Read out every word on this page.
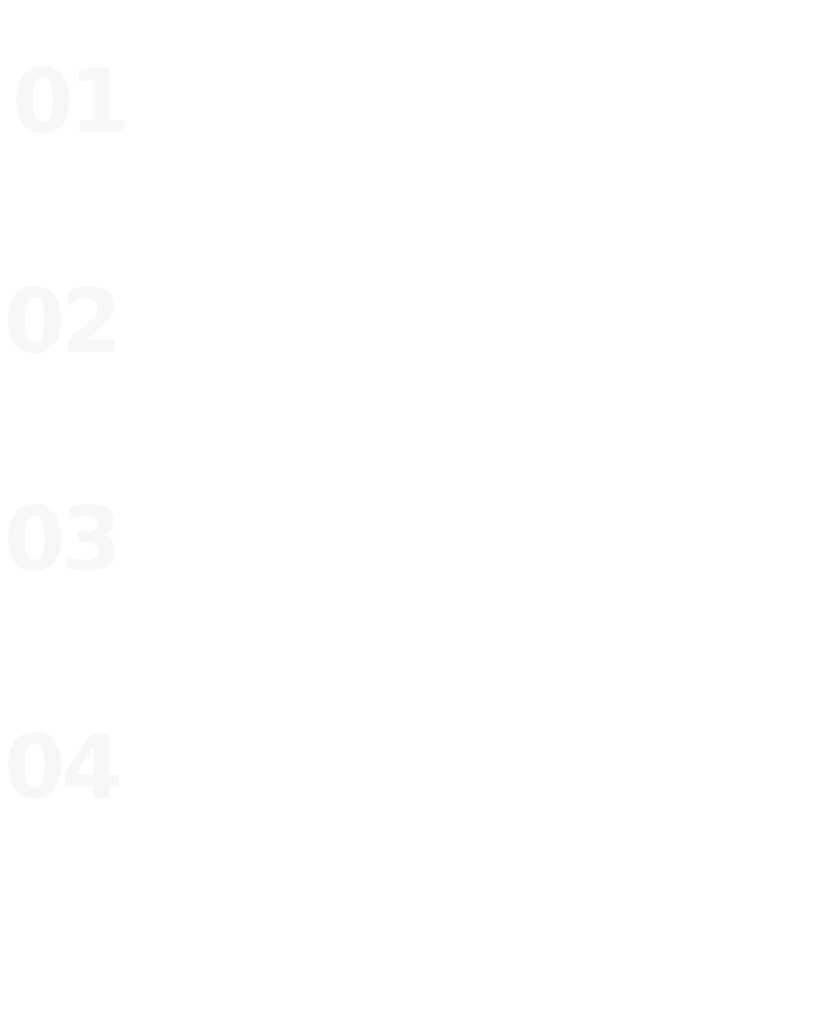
01
02
03
04
